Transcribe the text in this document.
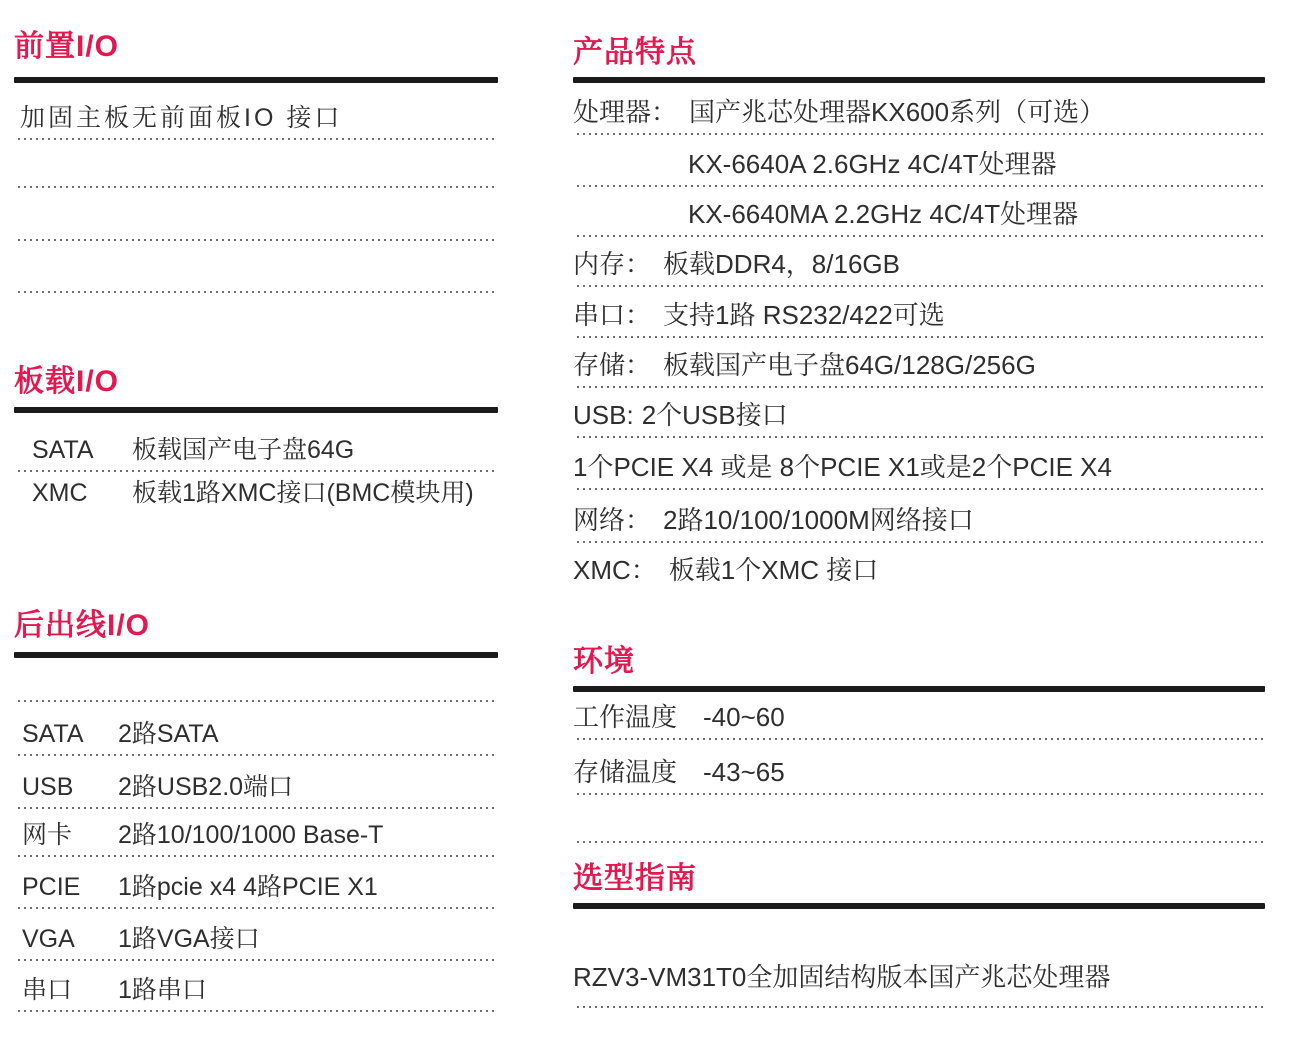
前置I/O
加固主板无前面板IO 接口
板载I/O
SATA	板载国产电子盘64G
XMC	板载1路XMC接口(BMC模块用)
后出线I/O
SATA	2路SATA
USB	2路USB2.0端口
网卡	2路10/100/1000 Base-T
PCIE	1路pcie x4 4路PCIE X1
VGA	1路VGA接口
串口	1路串口
产品特点
处理器： 国产兆芯处理器KX600系列（可选）
KX-6640A 2.6GHz 4C/4T处理器
KX-6640MA 2.2GHz 4C/4T处理器
内存： 板载DDR4，8/16GB
串口： 支持1路 RS232/422可选
存储： 板载国产电子盘64G/128G/256G
USB: 2个USB接口
1个PCIE X4 或是 8个PCIE X1或是2个PCIE X4
网络： 2路10/100/1000M网络接口
XMC： 板载1个XMC 接口
环境
工作温度 -40~60
存储温度 -43~65
选型指南
RZV3-VM31T0全加固结构版本国产兆芯处理器
